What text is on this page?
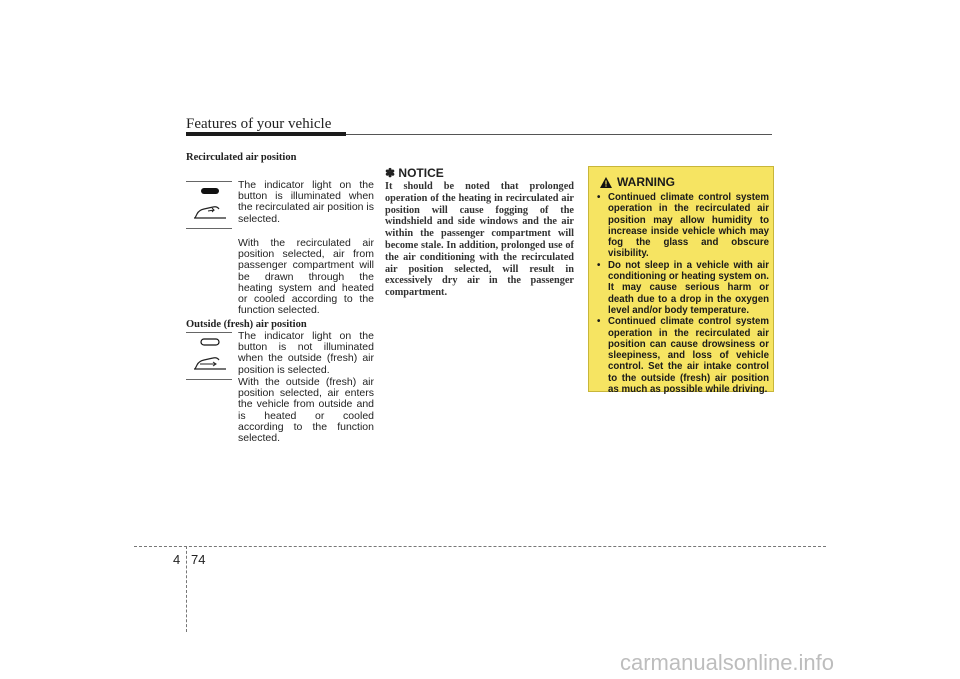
Features of your vehicle
Recirculated air position
The indicator light on the button is illuminated when the recirculated air position is selected.
With the recirculated air position selected, air from passenger compartment will be drawn through the heating system and heated or cooled according to the function selected.
Outside (fresh) air position
The indicator light on the button is not illuminated when the outside (fresh) air position is selected.
With the outside (fresh) air position selected, air enters the vehicle from outside and is heated or cooled according to the function selected.
✽ NOTICE
It should be noted that prolonged operation of the heating in recirculated air position will cause fogging of the windshield and side windows and the air within the passenger compartment will become stale. In addition, prolonged use of the air conditioning with the recirculated air position selected, will result in excessively dry air in the passenger compartment.
WARNING
• Continued climate control system operation in the recirculated air position may allow humidity to increase inside vehicle which may fog the glass and obscure visibility.
• Do not sleep in a vehicle with air conditioning or heating system on. It may cause serious harm or death due to a drop in the oxygen level and/or body temperature.
• Continued climate control system operation in the recirculated air position can cause drowsiness or sleepiness, and loss of vehicle control. Set the air intake control to the outside (fresh) air position as much as possible while driving.
4 74
carmanualsonline.info
